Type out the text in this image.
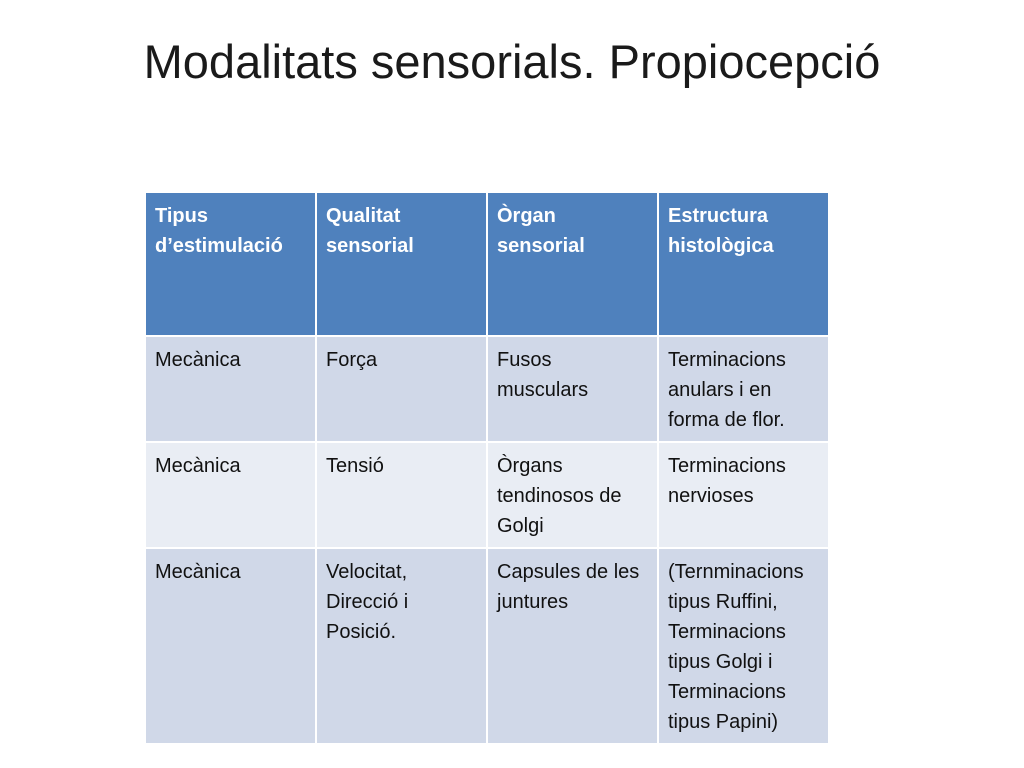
Modalitats sensorials. Propiocepció
Tipus d’estimulació	Qualitat sensorial	Òrgan sensorial	Estructura histològica
Mecànica	Força	Fusos musculars	Terminacions anulars i en forma de flor.
Mecànica	Tensió	Òrgans tendinosos de Golgi	Terminacions nervioses
Mecànica	Velocitat, Direcció i Posició.	Capsules de les juntures	(Ternminacions tipus Ruffini, Terminacions tipus Golgi i Terminacions tipus Papini)
